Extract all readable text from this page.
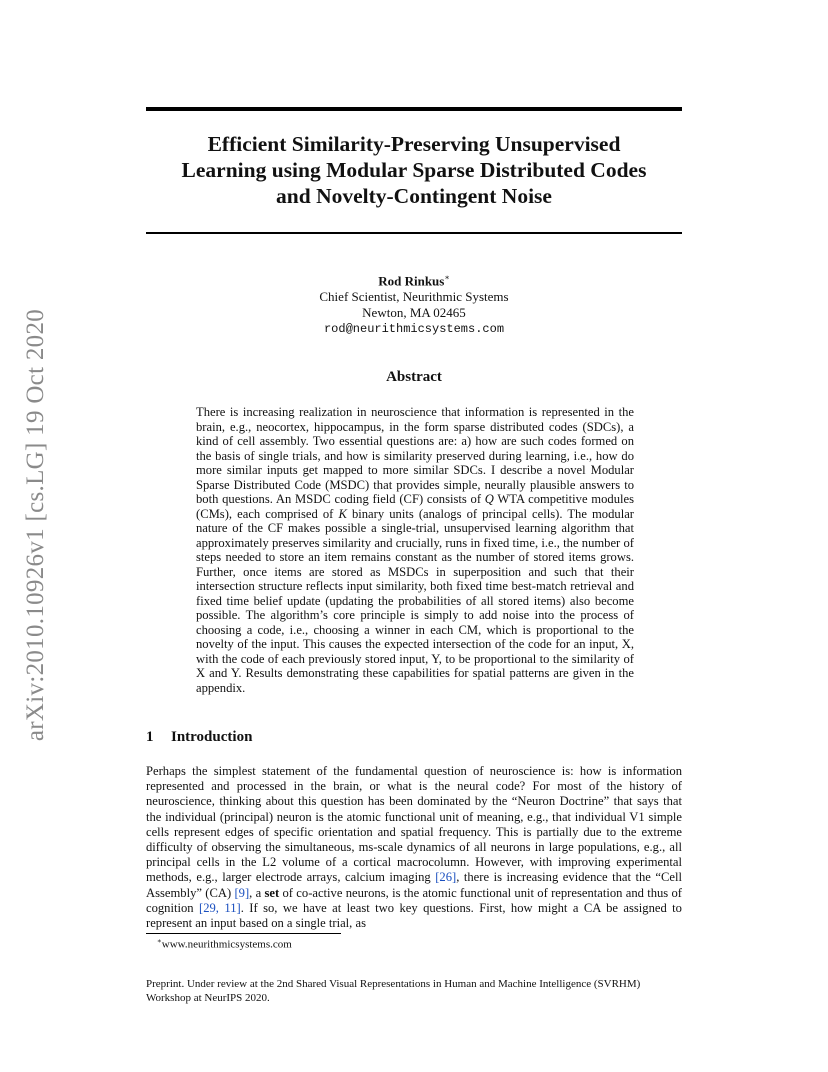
arXiv:2010.10926v1 [cs.LG] 19 Oct 2020
Efficient Similarity-Preserving Unsupervised
Learning using Modular Sparse Distributed Codes
and Novelty-Contingent Noise
Rod Rinkus∗
Chief Scientist, Neurithmic Systems
Newton, MA 02465
rod@neurithmicsystems.com
Abstract
There is increasing realization in neuroscience that information is represented in the brain, e.g., neocortex, hippocampus, in the form sparse distributed codes (SDCs), a kind of cell assembly. Two essential questions are: a) how are such codes formed on the basis of single trials, and how is similarity preserved during learning, i.e., how do more similar inputs get mapped to more similar SDCs. I describe a novel Modular Sparse Distributed Code (MSDC) that provides simple, neurally plausible answers to both questions. An MSDC coding field (CF) consists of Q WTA competitive modules (CMs), each comprised of K binary units (analogs of principal cells). The modular nature of the CF makes possible a single-trial, unsupervised learning algorithm that approximately preserves similarity and crucially, runs in fixed time, i.e., the number of steps needed to store an item remains constant as the number of stored items grows. Further, once items are stored as MSDCs in superposition and such that their intersection structure reflects input similarity, both fixed time best-match retrieval and fixed time belief update (updating the probabilities of all stored items) also become possible. The algorithm’s core principle is simply to add noise into the process of choosing a code, i.e., choosing a winner in each CM, which is proportional to the novelty of the input. This causes the expected intersection of the code for an input, X, with the code of each previously stored input, Y, to be proportional to the similarity of X and Y. Results demonstrating these capabilities for spatial patterns are given in the appendix.
1 Introduction
Perhaps the simplest statement of the fundamental question of neuroscience is: how is information represented and processed in the brain, or what is the neural code? For most of the history of neuroscience, thinking about this question has been dominated by the “Neuron Doctrine” that says that the individual (principal) neuron is the atomic functional unit of meaning, e.g., that individual V1 simple cells represent edges of specific orientation and spatial frequency. This is partially due to the extreme difficulty of observing the simultaneous, ms-scale dynamics of all neurons in large populations, e.g., all principal cells in the L2 volume of a cortical macrocolumn. However, with improving experimental methods, e.g., larger electrode arrays, calcium imaging [26], there is increasing evidence that the “Cell Assembly” (CA) [9], a set of co-active neurons, is the atomic functional unit of representation and thus of cognition [29, 11]. If so, we have at least two key questions. First, how might a CA be assigned to represent an input based on a single trial, as
∗www.neurithmicsystems.com
Preprint. Under review at the 2nd Shared Visual Representations in Human and Machine Intelligence (SVRHM) Workshop at NeurIPS 2020.
